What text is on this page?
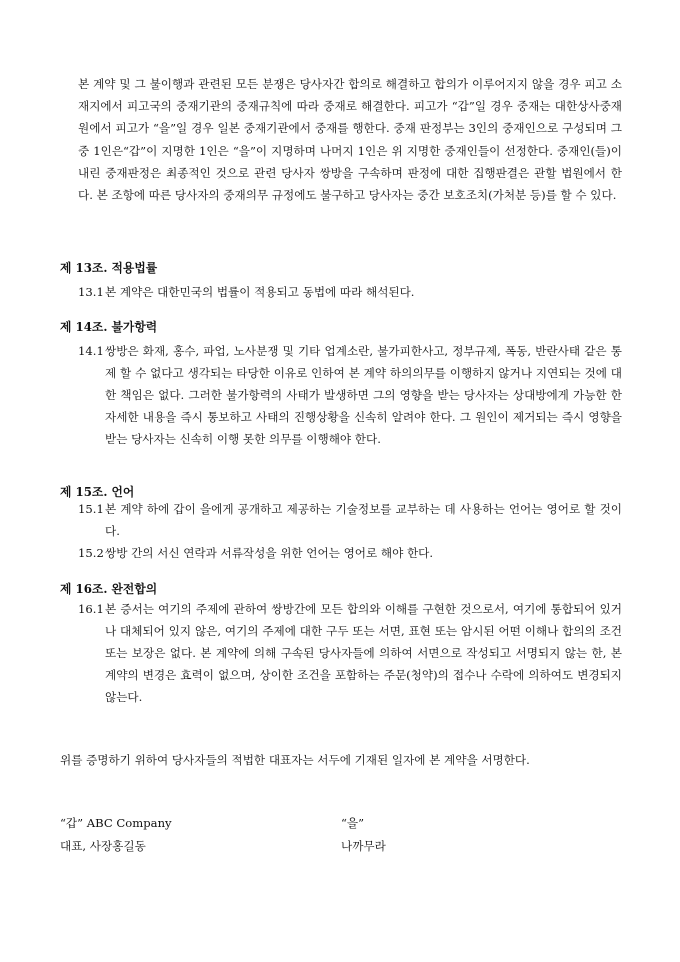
본 계약 및 그 불이행과 관련된 모든 분쟁은 당사자간 합의로 해결하고 합의가 이루어지지 않을 경우 피고 소재지에서 피고국의 중재기관의 중재규칙에 따라 중재로 해결한다. 피고가 “갑”일 경우 중재는 대한상사중재원에서 피고가 “을”일 경우 일본 중재기관에서 중재를 행한다. 중재 판정부는 3인의 중재인으로 구성되며 그 중 1인은“갑”이 지명한 1인은 “을”이 지명하며 나머지 1인은 위 지명한 중재인들이 선정한다. 중재인(들)이 내린 중재판정은 최종적인 것으로 관련 당사자 쌍방을 구속하며 판정에 대한 집행판결은 관할 법원에서 한다. 본 조항에 따른 당사자의 중재의무 규정에도 불구하고 당사자는 중간 보호조치(가처분 등)를 할 수 있다.

제 13조. 적용법률

13.1 본 계약은 대한민국의 법률이 적용되고 동법에 따라 해석된다.

제 14조. 불가항력

14.1 쌍방은 화재, 홍수, 파업, 노사분쟁 및 기타 업계소란, 불가피한사고, 정부규제, 폭동, 반란사태 같은 통제 할 수 없다고 생각되는 타당한 이유로 인하여 본 계약 하의의무를 이행하지 않거나 지연되는 것에 대한 책임은 없다. 그러한 불가항력의 사태가 발생하면 그의 영향을 받는 당사자는 상대방에게 가능한 한 자세한 내용을 즉시 통보하고 사태의 진행상황을 신속히 알려야 한다. 그 원인이 제거되는 즉시 영향을 받는 당사자는 신속히 이행 못한 의무를 이행해야 한다.

제 15조. 언어

15.1 본 계약 하에 갑이 을에게 공개하고 제공하는 기술정보를 교부하는 데 사용하는 언어는 영어로 할 것이다.
15.2 쌍방 간의 서신 연락과 서류작성을 위한 언어는 영어로 해야 한다.

제 16조. 완전합의

16.1 본 증서는 여기의 주제에 관하여 쌍방간에 모든 합의와 이해를 구현한 것으로서, 여기에 통합되어 있거나 대체되어 있지 않은, 여기의 주제에 대한 구두 또는 서면, 표현 또는 암시된 어떤 이해나 합의의 조건 또는 보장은 없다. 본 계약에 의해 구속된 당사자들에 의하여 서면으로 작성되고 서명되지 않는 한, 본 계약의 변경은 효력이 없으며, 상이한 조건을 포함하는 주문(청약)의 접수나 수락에 의하여도 변경되지 않는다.

위를 증명하기 위하여 당사자들의 적법한 대표자는 서두에 기재된 일자에 본 계약을 서명한다.

“갑” ABC Company

대표, 사장홍길동

“을”

나까무라
